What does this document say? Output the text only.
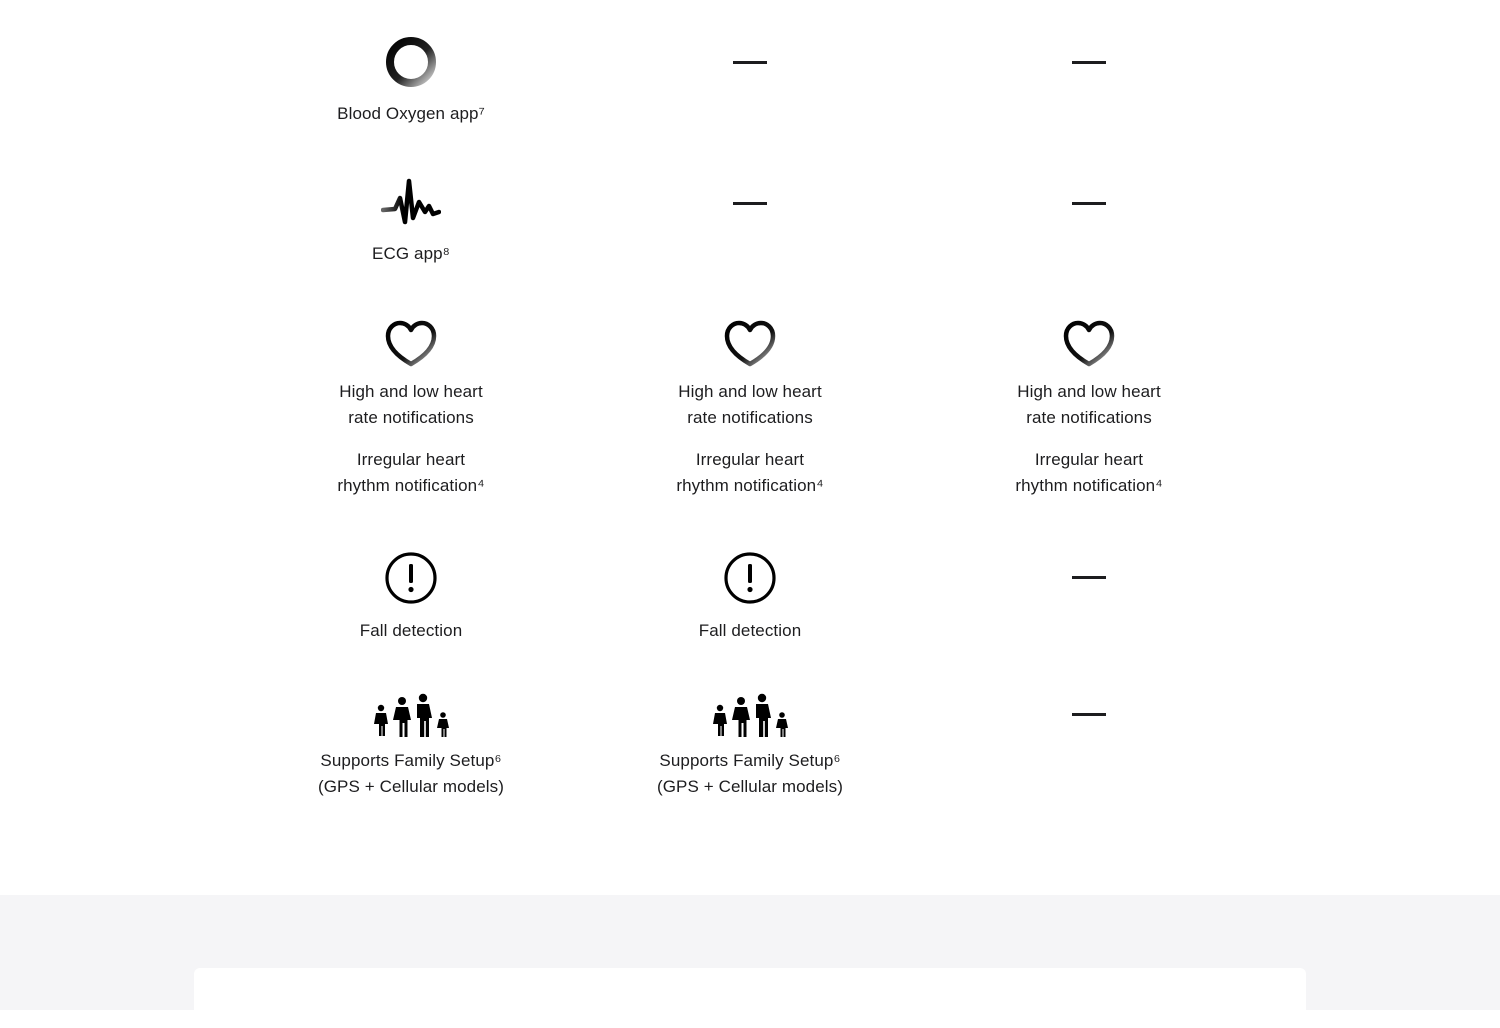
Blood Oxygen app⁷
ECG app⁸
High and low heart
rate notifications
Irregular heart
rhythm notification⁴
High and low heart
rate notifications
Irregular heart
rhythm notification⁴
High and low heart
rate notifications
Irregular heart
rhythm notification⁴
Fall detection	Fall detection
Supports Family Setup⁶
(GPS + Cellular models)
Supports Family Setup⁶
(GPS + Cellular models)
